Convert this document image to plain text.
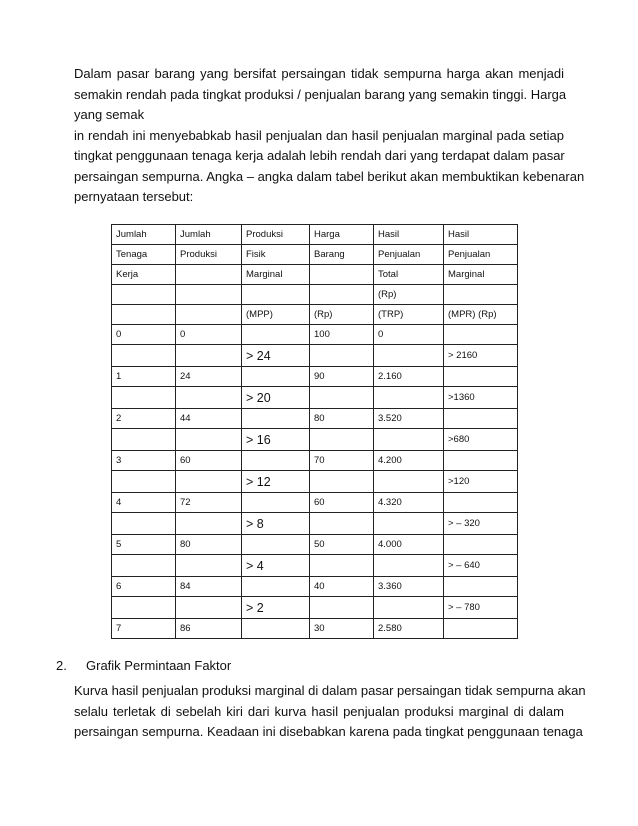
Dalam pasar barang yang bersifat persaingan tidak sempurna harga akan menjadi
semakin rendah pada tingkat produksi / penjualan barang yang semakin tinggi. Harga
yang semak
in rendah ini menyebabkab hasil penjualan dan hasil penjualan marginal pada setiap
tingkat penggunaan tenaga kerja adalah lebih rendah dari yang terdapat dalam pasar
persaingan sempurna. Angka – angka dalam tabel berikut akan membuktikan kebenaran
pernyataan tersebut:
Jumlah	Jumlah	Produksi	Harga	Hasil	Hasil
Tenaga	Produksi	Fisik	Barang	Penjualan	Penjualan
Kerja		Marginal		Total	Marginal
				(Rp)	
		(MPP)	(Rp)	(TRP)	(MPR) (Rp)
0	0		100	0	
		> 24			> 2160
1	24		90	2.160	
		> 20			>1360
2	44		80	3.520	
		> 16			>680
3	60		70	4.200	
		> 12			>120
4	72		60	4.320	
		> 8			> – 320
5	80		50	4.000	
		> 4			> – 640
6	84		40	3.360	
		> 2			> – 780
7	86		30	2.580	
2. Grafik Permintaan Faktor
Kurva hasil penjualan produksi marginal di dalam pasar persaingan tidak sempurna akan
selalu terletak di sebelah kiri dari kurva hasil penjualan produksi marginal di dalam
persaingan sempurna. Keadaan ini disebabkan karena pada tingkat penggunaan tenaga
